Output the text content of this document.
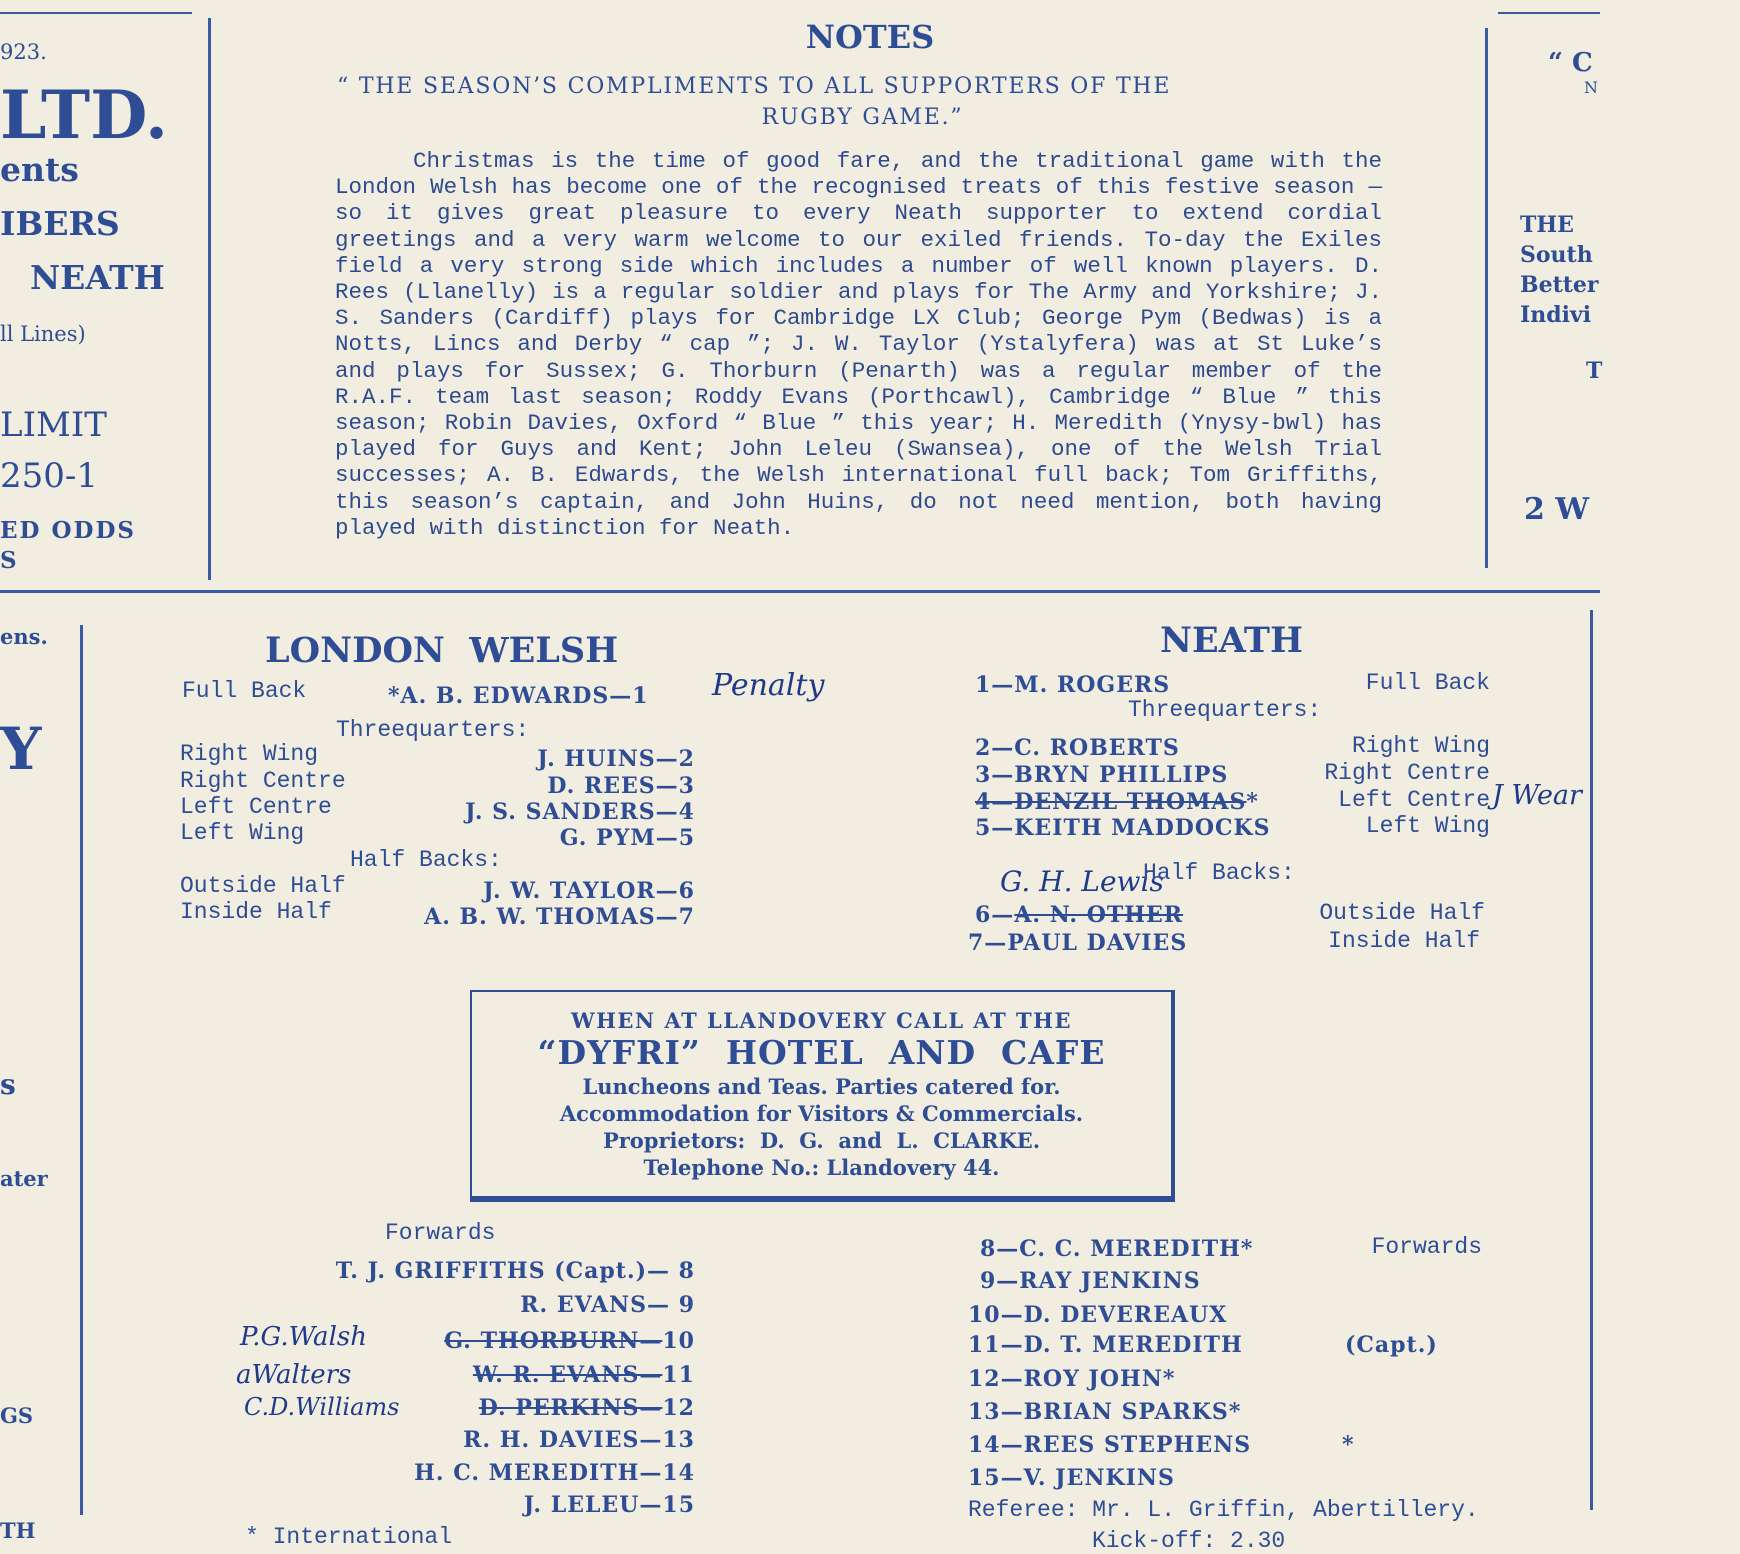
923.
LTD.
ents
IBERS
NEATH
ll Lines)
LIMIT
250-1
ED ODDS
S
ens.
Y
s
ater
GS
TH
“ C
N
THE
South
Better
Indivi
T
2 W
NOTES
“ THE SEASON’S COMPLIMENTS TO ALL SUPPORTERS OF THE
RUGBY GAME.”

Christmas is the time of good fare, and the traditional game with the London Welsh has become one of the recognised treats of this festive season — so it gives great pleasure to every Neath supporter to extend cordial greetings and a very warm welcome to our exiled friends. To-day the Exiles field a very strong side which includes a number of well known players. D. Rees (Llanelly) is a regular soldier and plays for The Army and Yorkshire; J. S. Sanders (Cardiff) plays for Cambridge LX Club; George Pym (Bedwas) is a Notts, Lincs and Derby “ cap ”; J. W. Taylor (Ystalyfera) was at St Luke’s and plays for Sussex; G. Thorburn (Penarth) was a regular member of the R.A.F. team last season; Roddy Evans (Porthcawl), Cambridge “ Blue ” this season; Robin Davies, Oxford “ Blue ” this year; H. Meredith (Ynysy-bwl) has played for Guys and Kent; John Leleu (Swansea), one of the Welsh Trial successes; A. B. Edwards, the Welsh international full back; Tom Griffiths, this season’s captain, and John Huins, do not need mention, both having played with distinction for Neath.

LONDON  WELSH
Full Back	*A. B. EDWARDS—1 Penalty
Threequarters:
Right Wing	J. HUINS—2
Right Centre	D. REES—3
Left Centre	J. S. SANDERS—4
Left Wing	G. PYM—5
Half Backs:
Outside Half	J. W. TAYLOR—6
Inside Half	A. B. W. THOMAS—7
Forwards
T. J. GRIFFITHS (Capt.)— 8
R. EVANS— 9
P.G.Walsh	G. THORBURN—10
aWalters	W. R. EVANS—11
C.D.Williams	D. PERKINS—12
R. H. DAVIES—13
H. C. MEREDITH—14
J. LELEU—15
* International
NEATH
1—M. ROGERS	Full Back
Threequarters:
2—C. ROBERTS	Right Wing
3—BRYN PHILLIPS	Right Centre
4—DENZIL THOMAS*	Left Centre J Wear
5—KEITH MADDOCKS	Left Wing
G. H. Lewis
Half Backs:
6—A. N. OTHER	Outside Half
7—PAUL DAVIES	Inside Half
8—C. C. MEREDITH*	Forwards
9—RAY JENKINS
10—D. DEVEREAUX
11—D. T. MEREDITH	(Capt.)
12—ROY JOHN*
13—BRIAN SPARKS*
14—REES STEPHENS	*
15—V. JENKINS
Referee: Mr. L. Griffin, Abertillery.
Kick-off: 2.30
WHEN AT LLANDOVERY CALL AT THE
“DYFRI”  HOTEL  AND  CAFE
Luncheons and Teas. Parties catered for.
Accommodation for Visitors & Commercials.
Proprietors:  D.  G.  and  L.  CLARKE.
Telephone No.: Llandovery 44.
